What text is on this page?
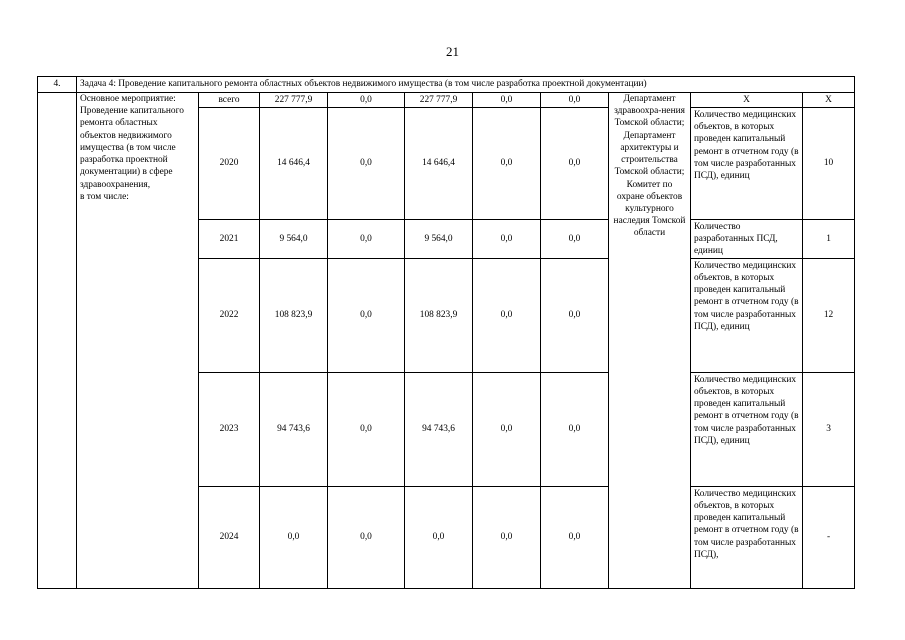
21
4.	Задача 4: Проведение капитального ремонта областных объектов недвижимого имущества (в том числе разработка проектной документации)									
	Основное мероприятие:
Проведение капитального ремонта областных объектов недвижимого имущества (в том числе разработка проектной документации) в сфере здравоохранения,
в том числе:	всего	227 777,9	0,0	227 777,9	0,0	0,0	Департамент здравоохра-нения Томской области;
Департамент архитектуры и строительства Томской области;
Комитет по охране объектов культурного наследия Томской области	Х	Х
		2020	14 646,4	0,0	14 646,4	0,0	0,0		Количество медицинских объектов, в которых проведен капитальный ремонт в отчетном году (в том числе разработанных ПСД), единиц	10
		2021	9 564,0	0,0	9 564,0	0,0	0,0		Количество разработанных ПСД, единиц	1
		2022	108 823,9	0,0	108 823,9	0,0	0,0		Количество медицинских объектов, в которых проведен капитальный ремонт в отчетном году (в том числе разработанных ПСД), единиц	12
		2023	94 743,6	0,0	94 743,6	0,0	0,0		Количество медицинских объектов, в которых проведен капитальный ремонт в отчетном году (в том числе разработанных ПСД), единиц	3
		2024	0,0	0,0	0,0	0,0	0,0		Количество медицинских объектов, в которых проведен капитальный ремонт в отчетном году (в том числе разработанных ПСД),	-
